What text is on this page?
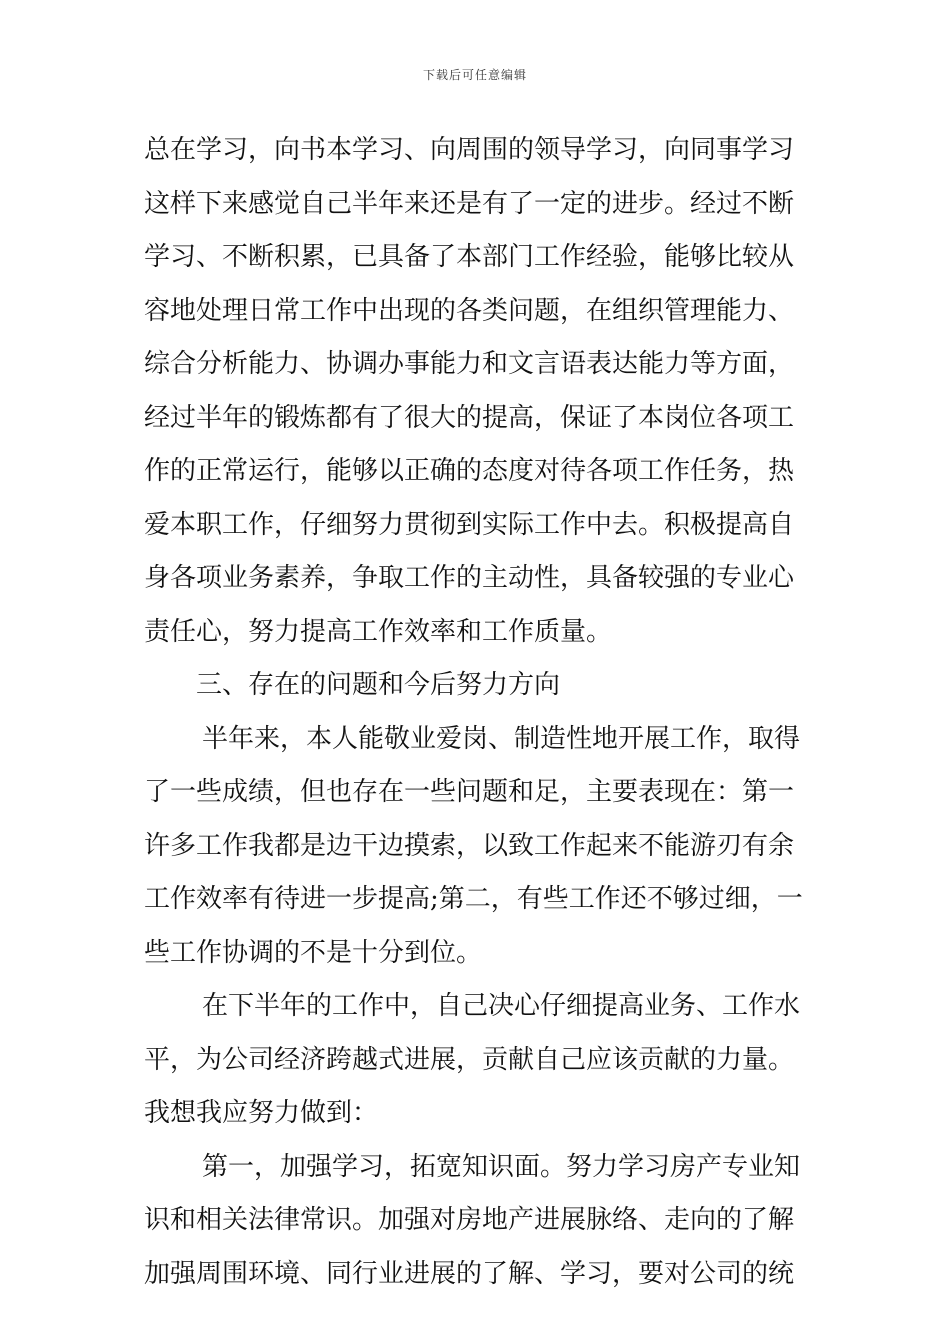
下载后可任意编辑
总在学习，向书本学习、向周围的领导学习，向同事学习
这样下来感觉自己半年来还是有了一定的进步。经过不断
学习、不断积累，已具备了本部门工作经验，能够比较从
容地处理日常工作中出现的各类问题，在组织管理能力、
综合分析能力、协调办事能力和文言语表达能力等方面，
经过半年的锻炼都有了很大的提高，保证了本岗位各项工
作的正常运行，能够以正确的态度对待各项工作任务，热
爱本职工作，仔细努力贯彻到实际工作中去。积极提高自
身各项业务素养，争取工作的主动性，具备较强的专业心
责任心，努力提高工作效率和工作质量。
三、存在的问题和今后努力方向
半年来，本人能敬业爱岗、制造性地开展工作，取得
了一些成绩，但也存在一些问题和足，主要表现在：第一
许多工作我都是边干边摸索，以致工作起来不能游刃有余
工作效率有待进一步提高;第二，有些工作还不够过细，一
些工作协调的不是十分到位。
在下半年的工作中，自己决心仔细提高业务、工作水
平，为公司经济跨越式进展，贡献自己应该贡献的力量。
我想我应努力做到：
第一，加强学习，拓宽知识面。努力学习房产专业知
识和相关法律常识。加强对房地产进展脉络、走向的了解
加强周围环境、同行业进展的了解、学习，要对公司的统
